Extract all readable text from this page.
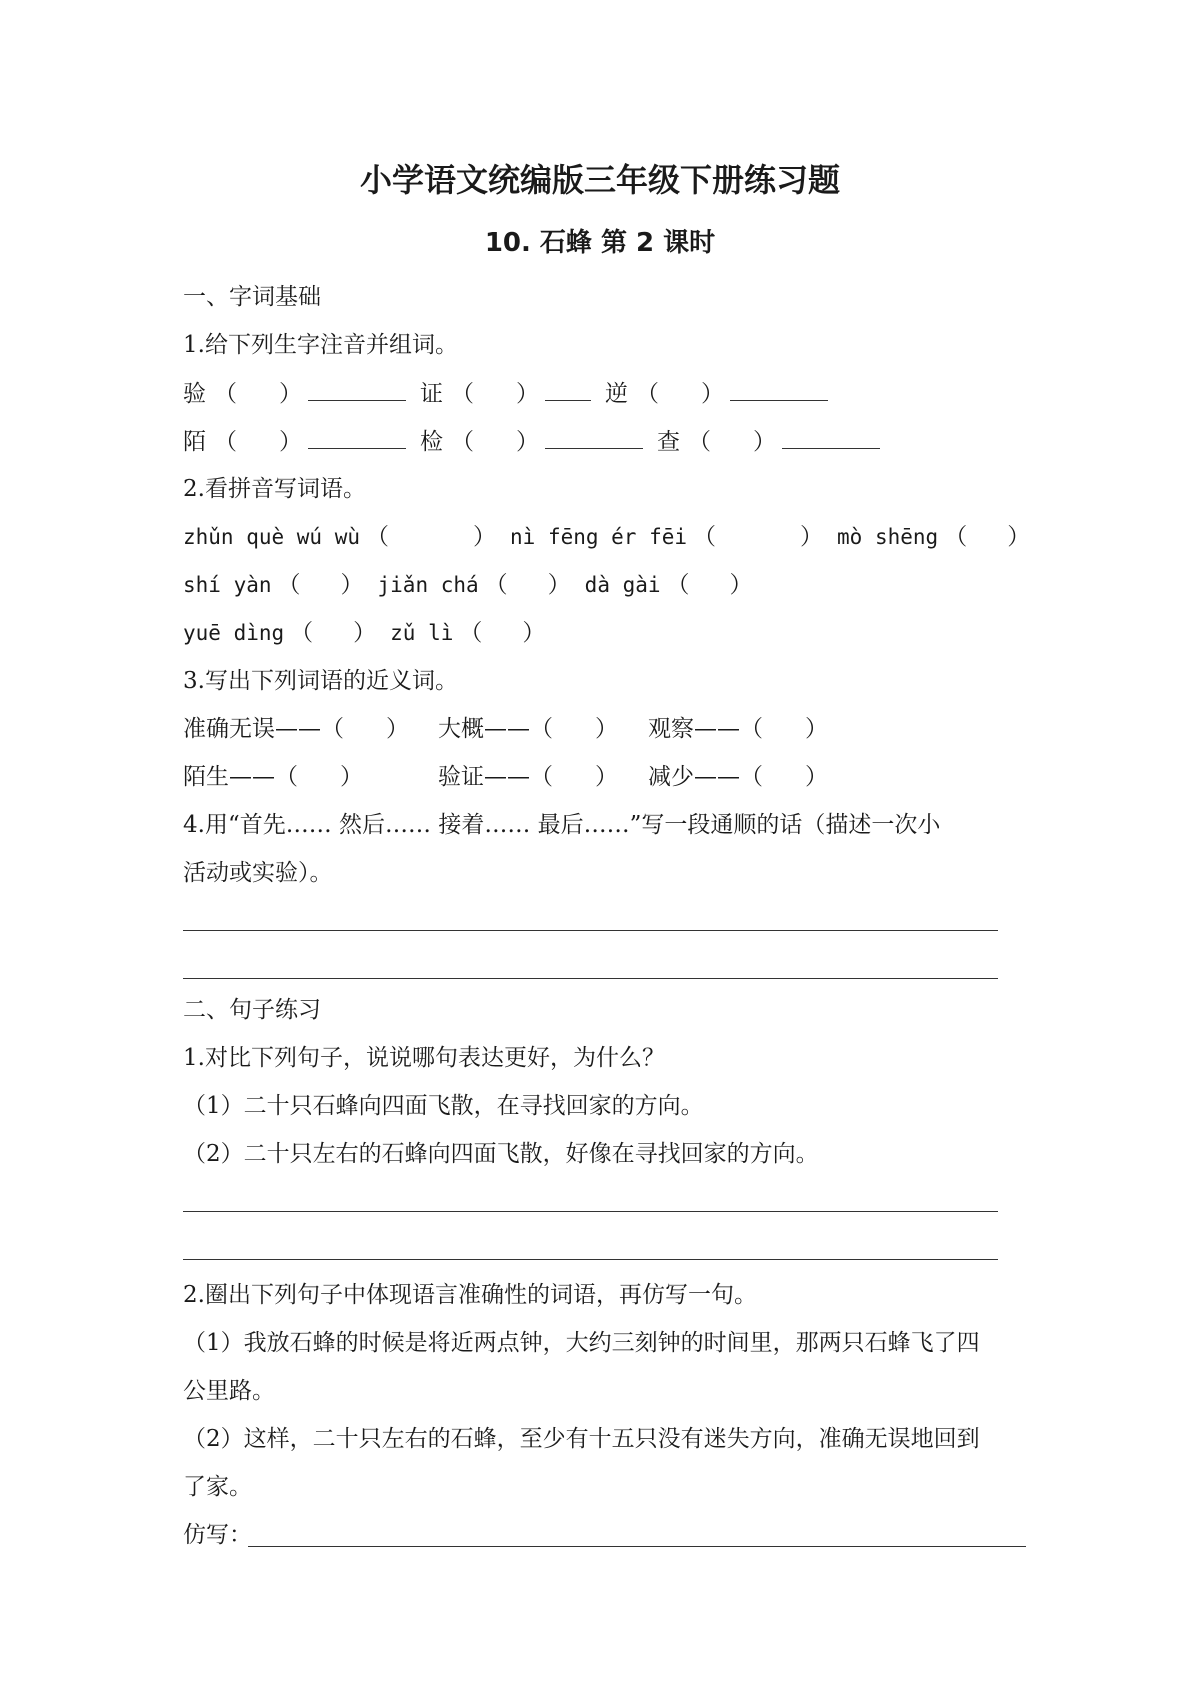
小学语文统编版三年级下册练习题
10. 石蜂 第 2 课时
一、字词基础
1.给下列生字注音并组词。
验 （ ）	证 （ ）	逆 （ ）
陌 （ ）	检 （ ）	查 （ ）
2.看拼音写词语。
zhǔn què wú wù （	） nì fēng ér fēi （	） mò shēng （ ）
shí yàn （ ） jiǎn chá （ ） dà gài （ ）
yuē dìng （ ） zǔ lì （ ）
3.写出下列词语的近义词。
准确无误——（ ） 大概——（ ） 观察——（ ）
陌生——（ ）	验证——（ ） 减少——（ ）
4.用“首先…… 然后…… 接着…… 最后……”写一段通顺的话（描述一次小
活动或实验）。
二、句子练习
1.对比下列句子，说说哪句表达更好，为什么？
（1）二十只石蜂向四面飞散，在寻找回家的方向。
（2）二十只左右的石蜂向四面飞散，好像在寻找回家的方向。
2.圈出下列句子中体现语言准确性的词语，再仿写一句。
（1）我放石蜂的时候是将近两点钟，大约三刻钟的时间里，那两只石蜂飞了四
公里路。
（2）这样，二十只左右的石蜂，至少有十五只没有迷失方向，准确无误地回到
了家。
仿写：
